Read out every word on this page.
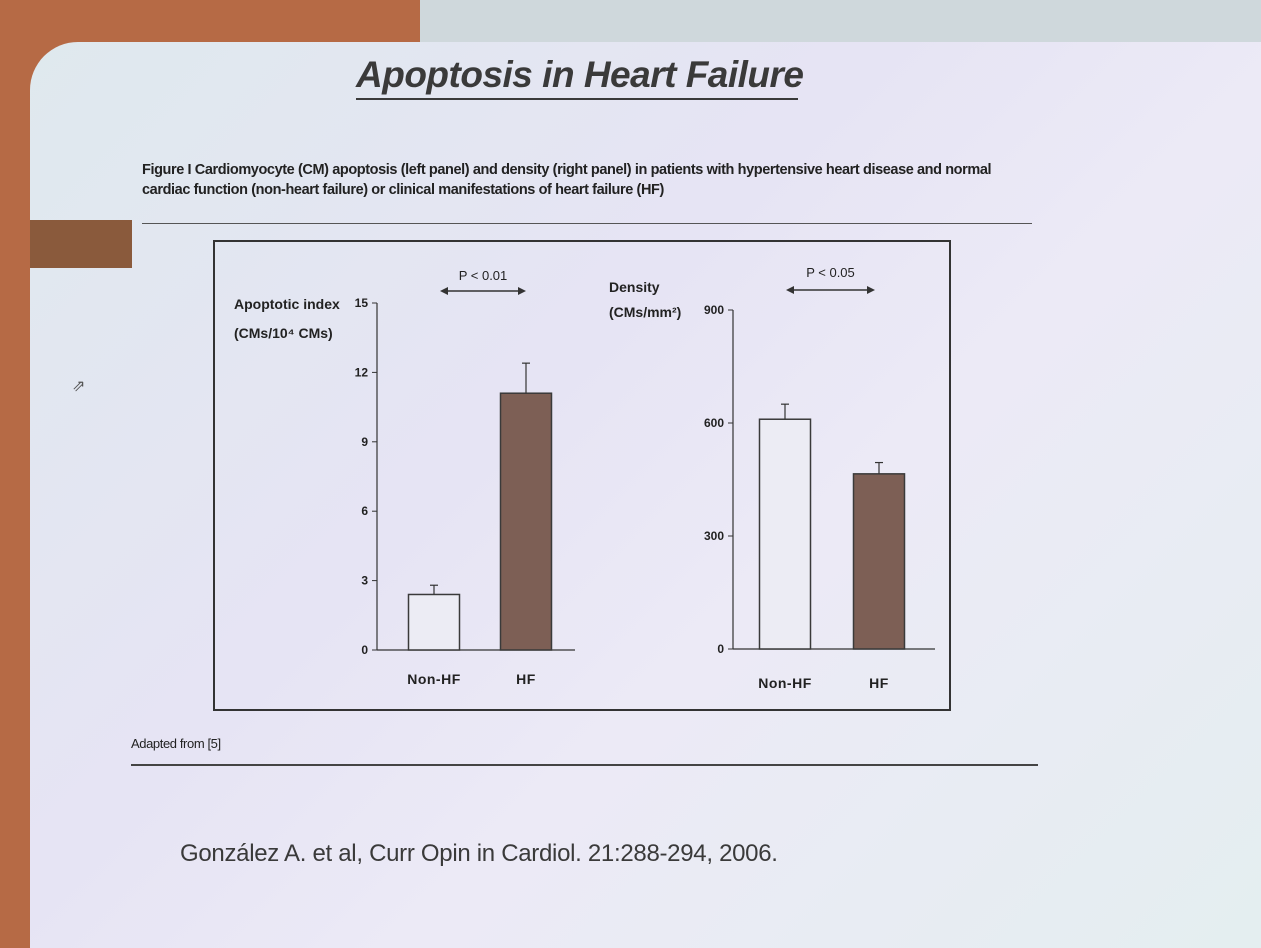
Apoptosis in Heart Failure

Figure I Cardiomyocyte (CM) apoptosis (left panel) and density (right panel) in patients with hypertensive heart disease and normal
cardiac function (non-heart failure) or clinical manifestations of heart failure (HF)

⇗
0
3
6
9
12
15
Apoptotic index
(CMs/10⁴ CMs)
Non-HF	HF
P < 0.01
0
300
600
900
Density
(CMs/mm²)
Non-HF	HF
P < 0.05
Adapted from [5]
González A. et al, Curr Opin in Cardiol. 21:288-294, 2006.
